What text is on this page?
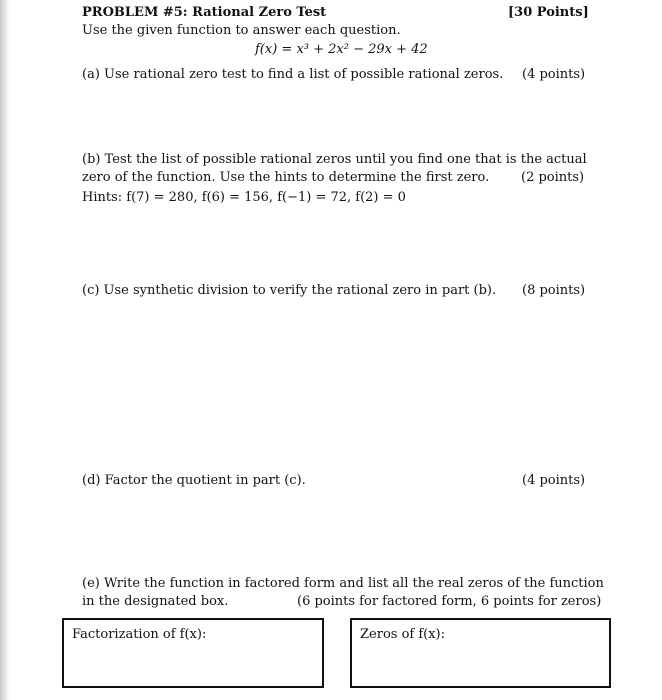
PROBLEM #5: Rational Zero Test	[30 Points]
Use the given function to answer each question.
f(x) = x³ + 2x² − 29x + 42
(a) Use rational zero test to find a list of possible rational zeros. (4 points)
(b) Test the list of possible rational zeros until you find one that is the actual
zero of the function. Use the hints to determine the first zero. (2 points)
Hints: f(7) = 280, f(6) = 156, f(−1) = 72, f(2) = 0
(c) Use synthetic division to verify the rational zero in part (b). (8 points)
(d) Factor the quotient in part (c).	(4 points)
(e) Write the function in factored form and list all the real zeros of the function
in the designated box.	(6 points for factored form, 6 points for zeros)
Factorization of f(x):	Zeros of f(x):
